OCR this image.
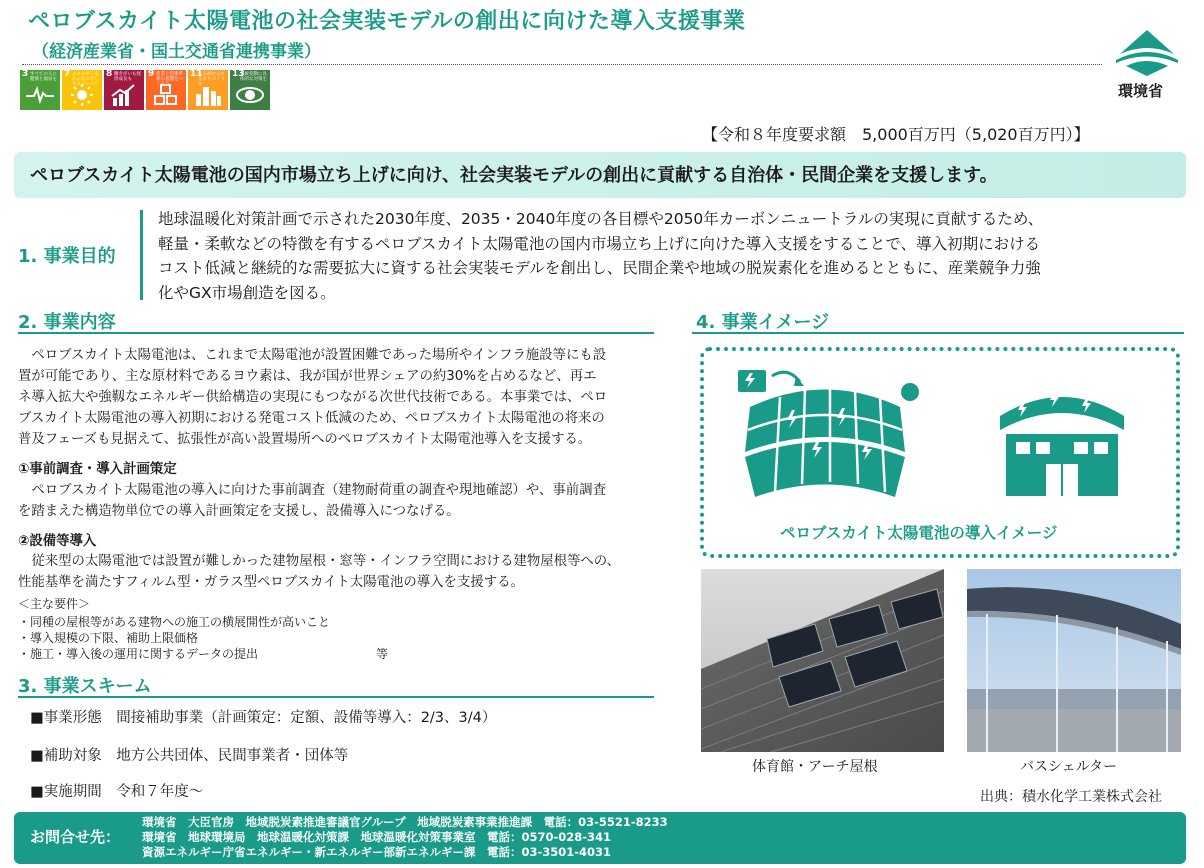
ペロブスカイト太陽電池の社会実装モデルの創出に向けた導入支援事業
（経済産業省・国土交通省連携事業）
3 すべての人に健康と福祉を
7 エネルギーをみんなにそしてクリーンに
8 働きがいも経済成長も
9 産業と技術革新の基盤をつくろう
11
住み続けられるまちづくりを
13
気候変動に具体的な対策を
環境省
【令和８年度要求額　5,000百万円（5,020百万円）】
ペロブスカイト太陽電池の国内市場立ち上げに向け、社会実装モデルの創出に貢献する自治体・民間企業を支援します。
1. 事業目的
地球温暖化対策計画で示された2030年度、2035・2040年度の各目標や2050年カーボンニュートラルの実現に貢献するため、
軽量・柔軟などの特徴を有するペロブスカイト太陽電池の国内市場立ち上げに向けた導入支援をすることで、導入初期における
コスト低減と継続的な需要拡大に資する社会実装モデルを創出し、民間企業や地域の脱炭素化を進めるとともに、産業競争力強
化やGX市場創造を図る。
2. 事業内容
　ペロブスカイト太陽電池は、これまで太陽電池が設置困難であった場所やインフラ施設等にも設
置が可能であり、主な原材料であるヨウ素は、我が国が世界シェアの約30%を占めるなど、再エ
ネ導入拡大や強靱なエネルギー供給構造の実現にもつながる次世代技術である。本事業では、ペロ
ブスカイト太陽電池の導入初期における発電コスト低減のため、ペロブスカイト太陽電池の将来の
普及フェーズも見据えて、拡張性が高い設置場所へのペロブスカイト太陽電池導入を支援する。
①事前調査・導入計画策定
　ペロブスカイト太陽電池の導入に向けた事前調査（建物耐荷重の調査や現地確認）や、事前調査
を踏まえた構造物単位での導入計画策定を支援し、設備導入につなげる。
②設備等導入
　従来型の太陽電池では設置が難しかった建物屋根・窓等・インフラ空間における建物屋根等への、
性能基準を満たすフィルム型・ガラス型ペロブスカイト太陽電池の導入を支援する。
＜主な要件＞
・同種の屋根等がある建物への施工の横展開性が高いこと
・導入規模の下限、補助上限価格
・施工・導入後の運用に関するデータの提出	等
3. 事業スキーム
■事業形態　間接補助事業（計画策定：定額、設備等導入：2/3、3/4）
■補助対象　地方公共団体、民間事業者・団体等
■実施期間　令和７年度～
4. 事業イメージ
ペロブスカイト太陽電池の導入イメージ
体育館・アーチ屋根	バスシェルター
出典：積水化学工業株式会社
お問合せ先：
環境省　大臣官房　地域脱炭素推進審議官グループ　地域脱炭素事業推進課　電話：03-5521-8233
環境省　地球環境局　地球温暖化対策課　地球温暖化対策事業室　電話：0570-028-341
資源エネルギー庁省エネルギー・新エネルギー部新エネルギー課　電話：03-3501-4031
